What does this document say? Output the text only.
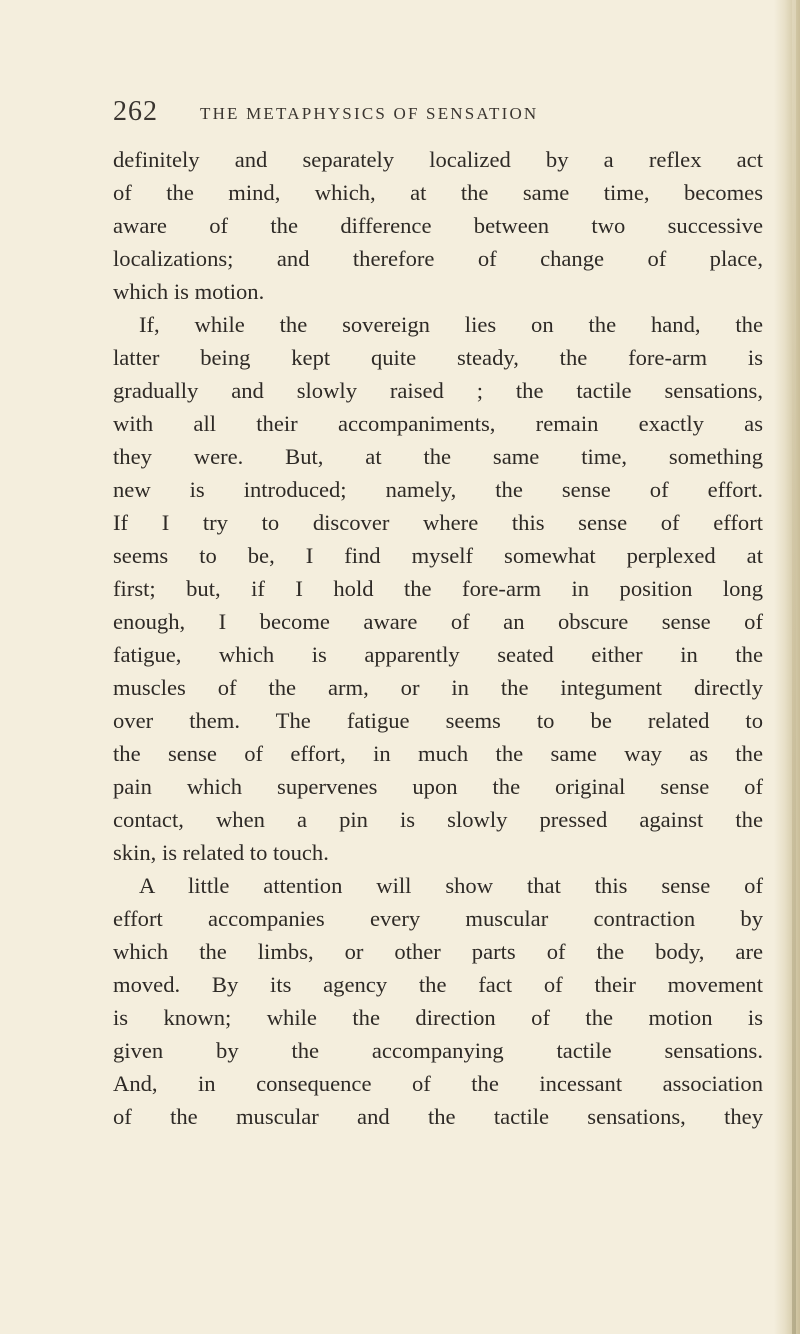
262 THE METAPHYSICS OF SENSATION
definitely and separately localized by a reflex act
of the mind, which, at the same time, becomes
aware of the difference between two successive
localizations; and therefore of change of place,
which is motion.
If, while the sovereign lies on the hand, the
latter being kept quite steady, the fore-arm is
gradually and slowly raised ; the tactile sensations,
with all their accompaniments, remain exactly as
they were. But, at the same time, something
new is introduced; namely, the sense of effort.
If I try to discover where this sense of effort
seems to be, I find myself somewhat perplexed at
first; but, if I hold the fore-arm in position long
enough, I become aware of an obscure sense of
fatigue, which is apparently seated either in the
muscles of the arm, or in the integument directly
over them. The fatigue seems to be related to
the sense of effort, in much the same way as the
pain which supervenes upon the original sense of
contact, when a pin is slowly pressed against the
skin, is related to touch.
A little attention will show that this sense of
effort accompanies every muscular contraction by
which the limbs, or other parts of the body, are
moved. By its agency the fact of their movement
is known; while the direction of the motion is
given by the accompanying tactile sensations.
And, in consequence of the incessant association
of the muscular and the tactile sensations, they
